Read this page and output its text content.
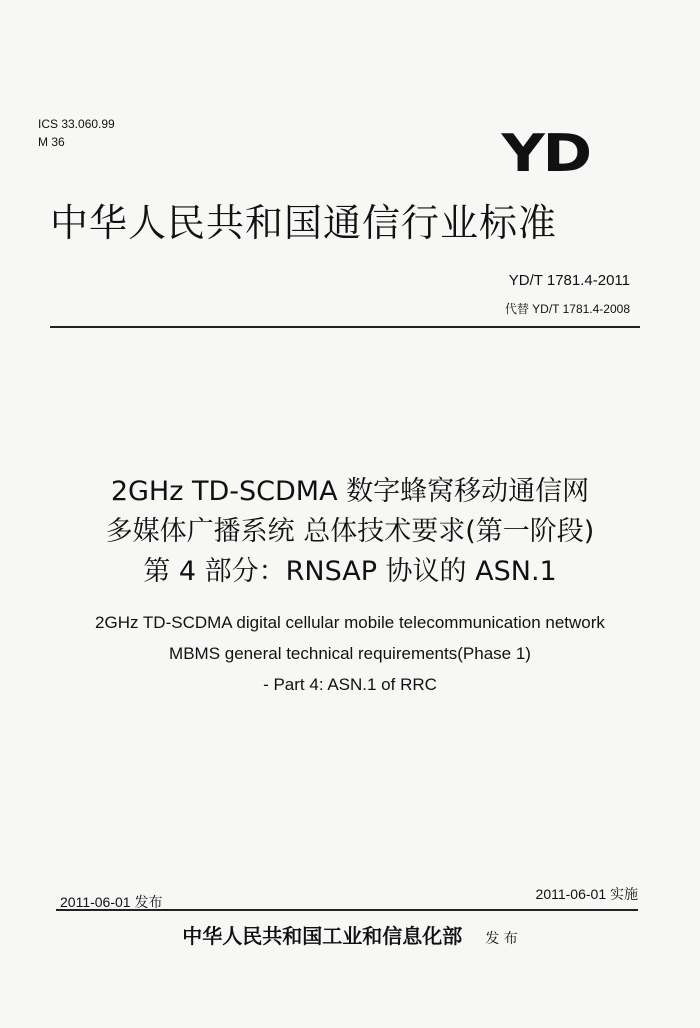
ICS 33.060.99
M 36	YD
中华人民共和国通信行业标准
YD/T 1781.4-2011
代替 YD/T 1781.4-2008
2GHz TD-SCDMA 数字蜂窝移动通信网
多媒体广播系统 总体技术要求(第一阶段)
第 4 部分：RNSAP 协议的 ASN.1
2GHz TD-SCDMA digital cellular mobile telecommunication network
MBMS general technical requirements(Phase 1)
- Part 4: ASN.1 of RRC
2011-06-01 发布	2011-06-01 实施
中华人民共和国工业和信息化部 发 布
